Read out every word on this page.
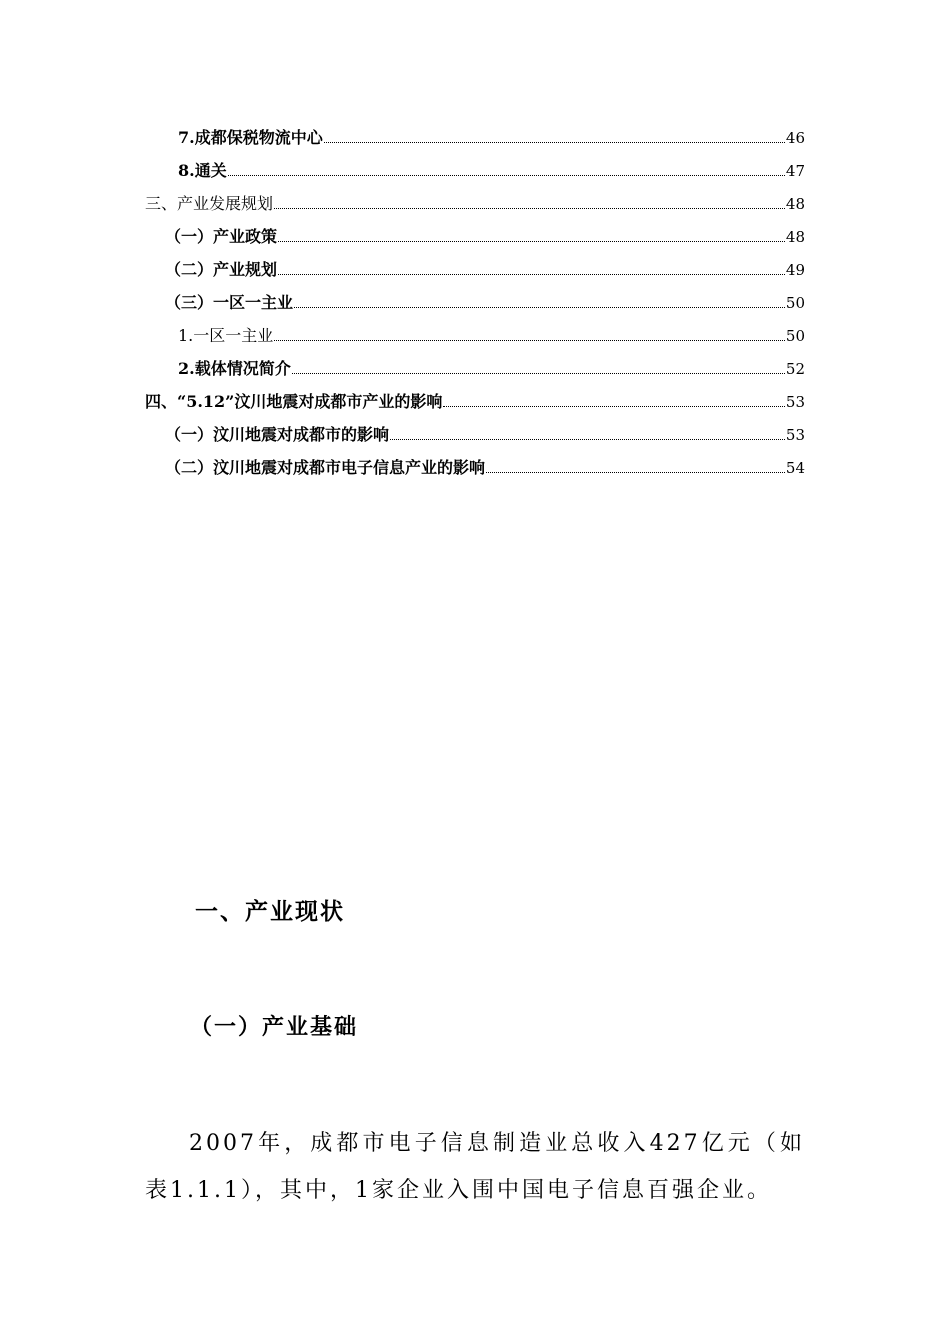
7.成都保税物流中心	46
8.通关	47
三、产业发展规划	48
（一）产业政策	48
（二）产业规划	49
（三）一区一主业	50
1.一区一主业	50
2.载体情况简介	52
四、“5.12”汶川地震对成都市产业的影响	53
（一）汶川地震对成都市的影响	53
（二）汶川地震对成都市电子信息产业的影响	54
一、产业现状
（一）产业基础

2007年，成都市电子信息制造业总收入427亿元（如表1.1.1），其中，1家企业入围中国电子信息百强企业。
